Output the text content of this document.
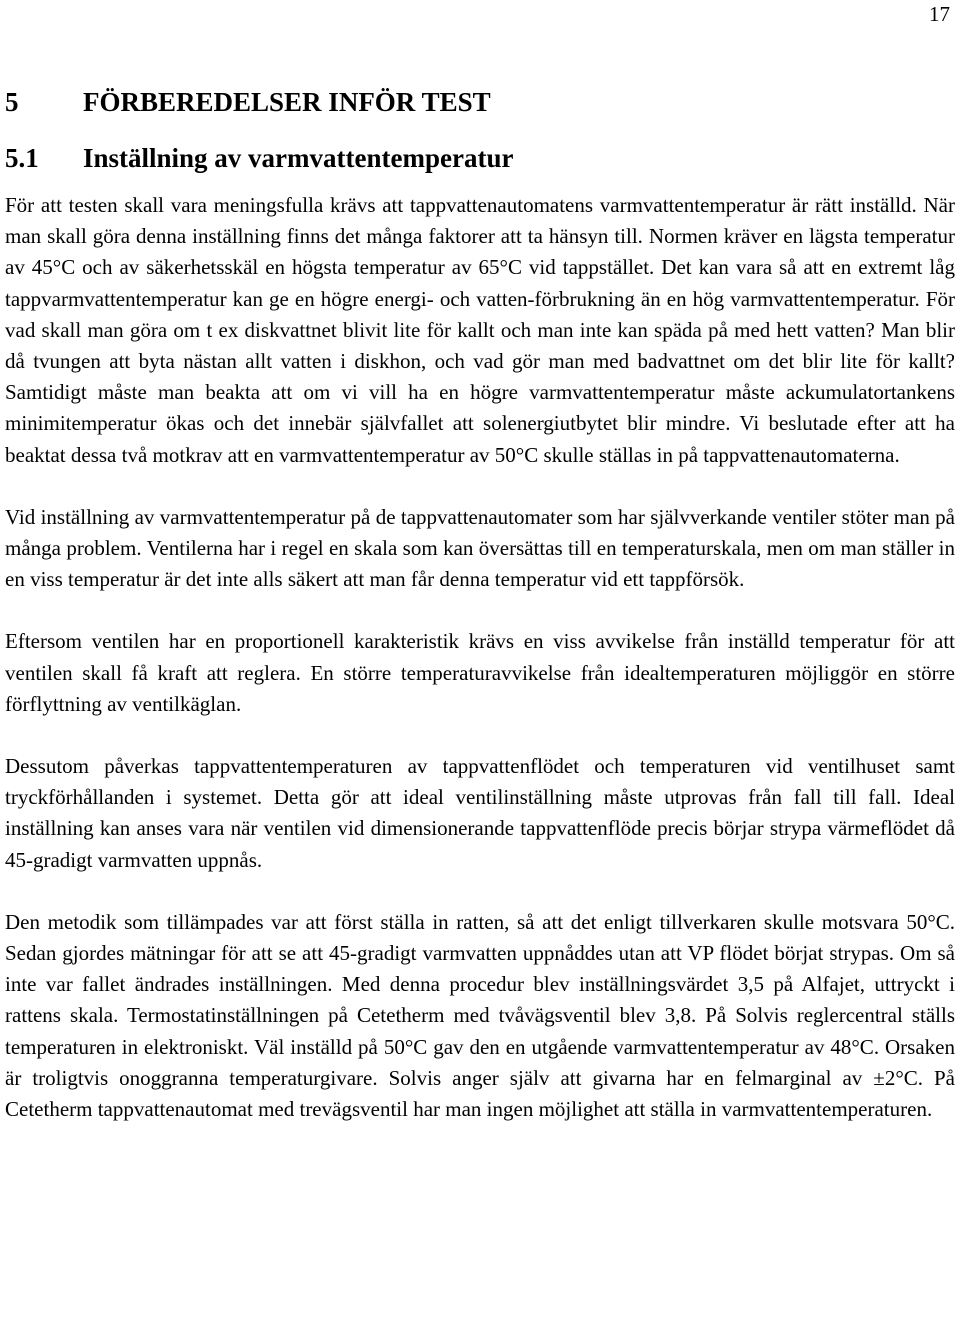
17
5	FÖRBEREDELSER INFÖR TEST
5.1	Inställning av varmvattentemperatur

För att testen skall vara meningsfulla krävs att tappvattenautomatens varmvattentemperatur är rätt inställd. När man skall göra denna inställning finns det många faktorer att ta hänsyn till. Normen kräver en lägsta temperatur av 45°C och av säkerhetsskäl en högsta temperatur av 65°C vid tappstället. Det kan vara så att en extremt låg tappvarmvattentemperatur kan ge en högre energi- och vatten-förbrukning än en hög varmvattentemperatur. För vad skall man göra om t ex diskvattnet blivit lite för kallt och man inte kan späda på med hett vatten? Man blir då tvungen att byta nästan allt vatten i diskhon, och vad gör man med badvattnet om det blir lite för kallt? Samtidigt måste man beakta att om vi vill ha en högre varmvattentemperatur måste ackumulatortankens minimitemperatur ökas och det innebär självfallet att solenergiutbytet blir mindre. Vi beslutade efter att ha beaktat dessa två motkrav att en varmvattentemperatur av 50°C skulle ställas in på tappvattenautomaterna.

Vid inställning av varmvattentemperatur på de tappvattenautomater som har självverkande ventiler stöter man på många problem. Ventilerna har i regel en skala som kan översättas till en temperaturskala, men om man ställer in en viss temperatur är det inte alls säkert att man får denna temperatur vid ett tappförsök.

Eftersom ventilen har en proportionell karakteristik krävs en viss avvikelse från inställd temperatur för att ventilen skall få kraft att reglera. En större temperaturavvikelse från idealtemperaturen möjliggör en större förflyttning av ventilkäglan.

Dessutom påverkas tappvattentemperaturen av tappvattenflödet och temperaturen vid ventilhuset samt tryckförhållanden i systemet. Detta gör att ideal ventilinställning måste utprovas från fall till fall. Ideal inställning kan anses vara när ventilen vid dimensionerande tappvattenflöde precis börjar strypa värmeflödet då 45-gradigt varmvatten uppnås.

Den metodik som tillämpades var att först ställa in ratten, så att det enligt tillverkaren skulle motsvara 50°C. Sedan gjordes mätningar för att se att 45-gradigt varmvatten uppnåddes utan att VP flödet börjat strypas. Om så inte var fallet ändrades inställningen. Med denna procedur blev inställningsvärdet 3,5 på Alfajet, uttryckt i rattens skala. Termostatinställningen på Cetetherm med tvåvägsventil blev 3,8. På Solvis reglercentral ställs temperaturen in elektroniskt. Väl inställd på 50°C gav den en utgående varmvattentemperatur av 48°C. Orsaken är troligtvis onoggranna temperaturgivare. Solvis anger själv att givarna har en felmarginal av ±2°C. På Cetetherm tappvattenautomat med trevägsventil har man ingen möjlighet att ställa in varmvattentemperaturen.
